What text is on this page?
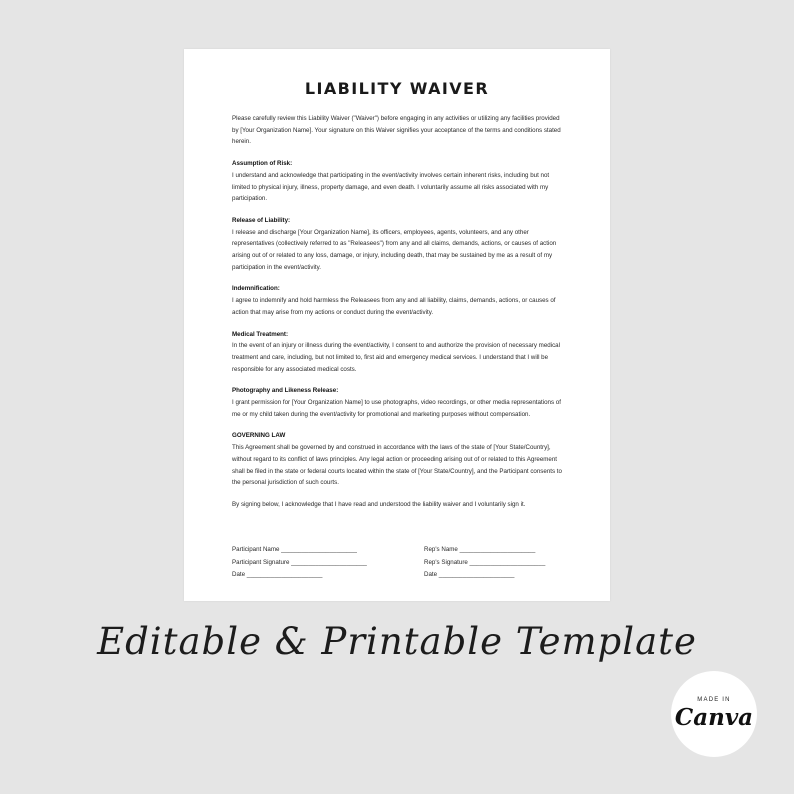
LIABILITY WAIVER

Please carefully review this Liability Waiver ("Waiver") before engaging in any activities or utilizing any facilities provided by [Your Organization Name]. Your signature on this Waiver signifies your acceptance of the terms and conditions stated herein.

Assumption of Risk:

I understand and acknowledge that participating in the event/activity involves certain inherent risks, including but not limited to physical injury, illness, property damage, and even death. I voluntarily assume all risks associated with my participation.

Release of Liability:

I release and discharge [Your Organization Name], its officers, employees, agents, volunteers, and any other representatives (collectively referred to as "Releasees") from any and all claims, demands, actions, or causes of action arising out of or related to any loss, damage, or injury, including death, that may be sustained by me as a result of my participation in the event/activity.

Indemnification:

I agree to indemnify and hold harmless the Releasees from any and all liability, claims, demands, actions, or causes of action that may arise from my actions or conduct during the event/activity.

Medical Treatment:

In the event of an injury or illness during the event/activity, I consent to and authorize the provision of necessary medical treatment and care, including, but not limited to, first aid and emergency medical services. I understand that I will be responsible for any associated medical costs.

Photography and Likeness Release:

I grant permission for [Your Organization Name] to use photographs, video recordings, or other media representations of me or my child taken during the event/activity for promotional and marketing purposes without compensation.

GOVERNING LAW

This Agreement shall be governed by and construed in accordance with the laws of the state of [Your State/Country], without regard to its conflict of laws principles. Any legal action or proceeding arising out of or related to this Agreement shall be filed in the state or federal courts located within the state of [Your State/Country], and the Participant consents to the personal jurisdiction of such courts.

By signing below, I acknowledge that I have read and understood the liability waiver and I voluntarily sign it.

Participant Name ______________________
Participant Signature ______________________
Date ______________________
Rep's Name ______________________
Rep's Signature ______________________
Date ______________________
Editable & Printable Template
MADE IN
Canva
